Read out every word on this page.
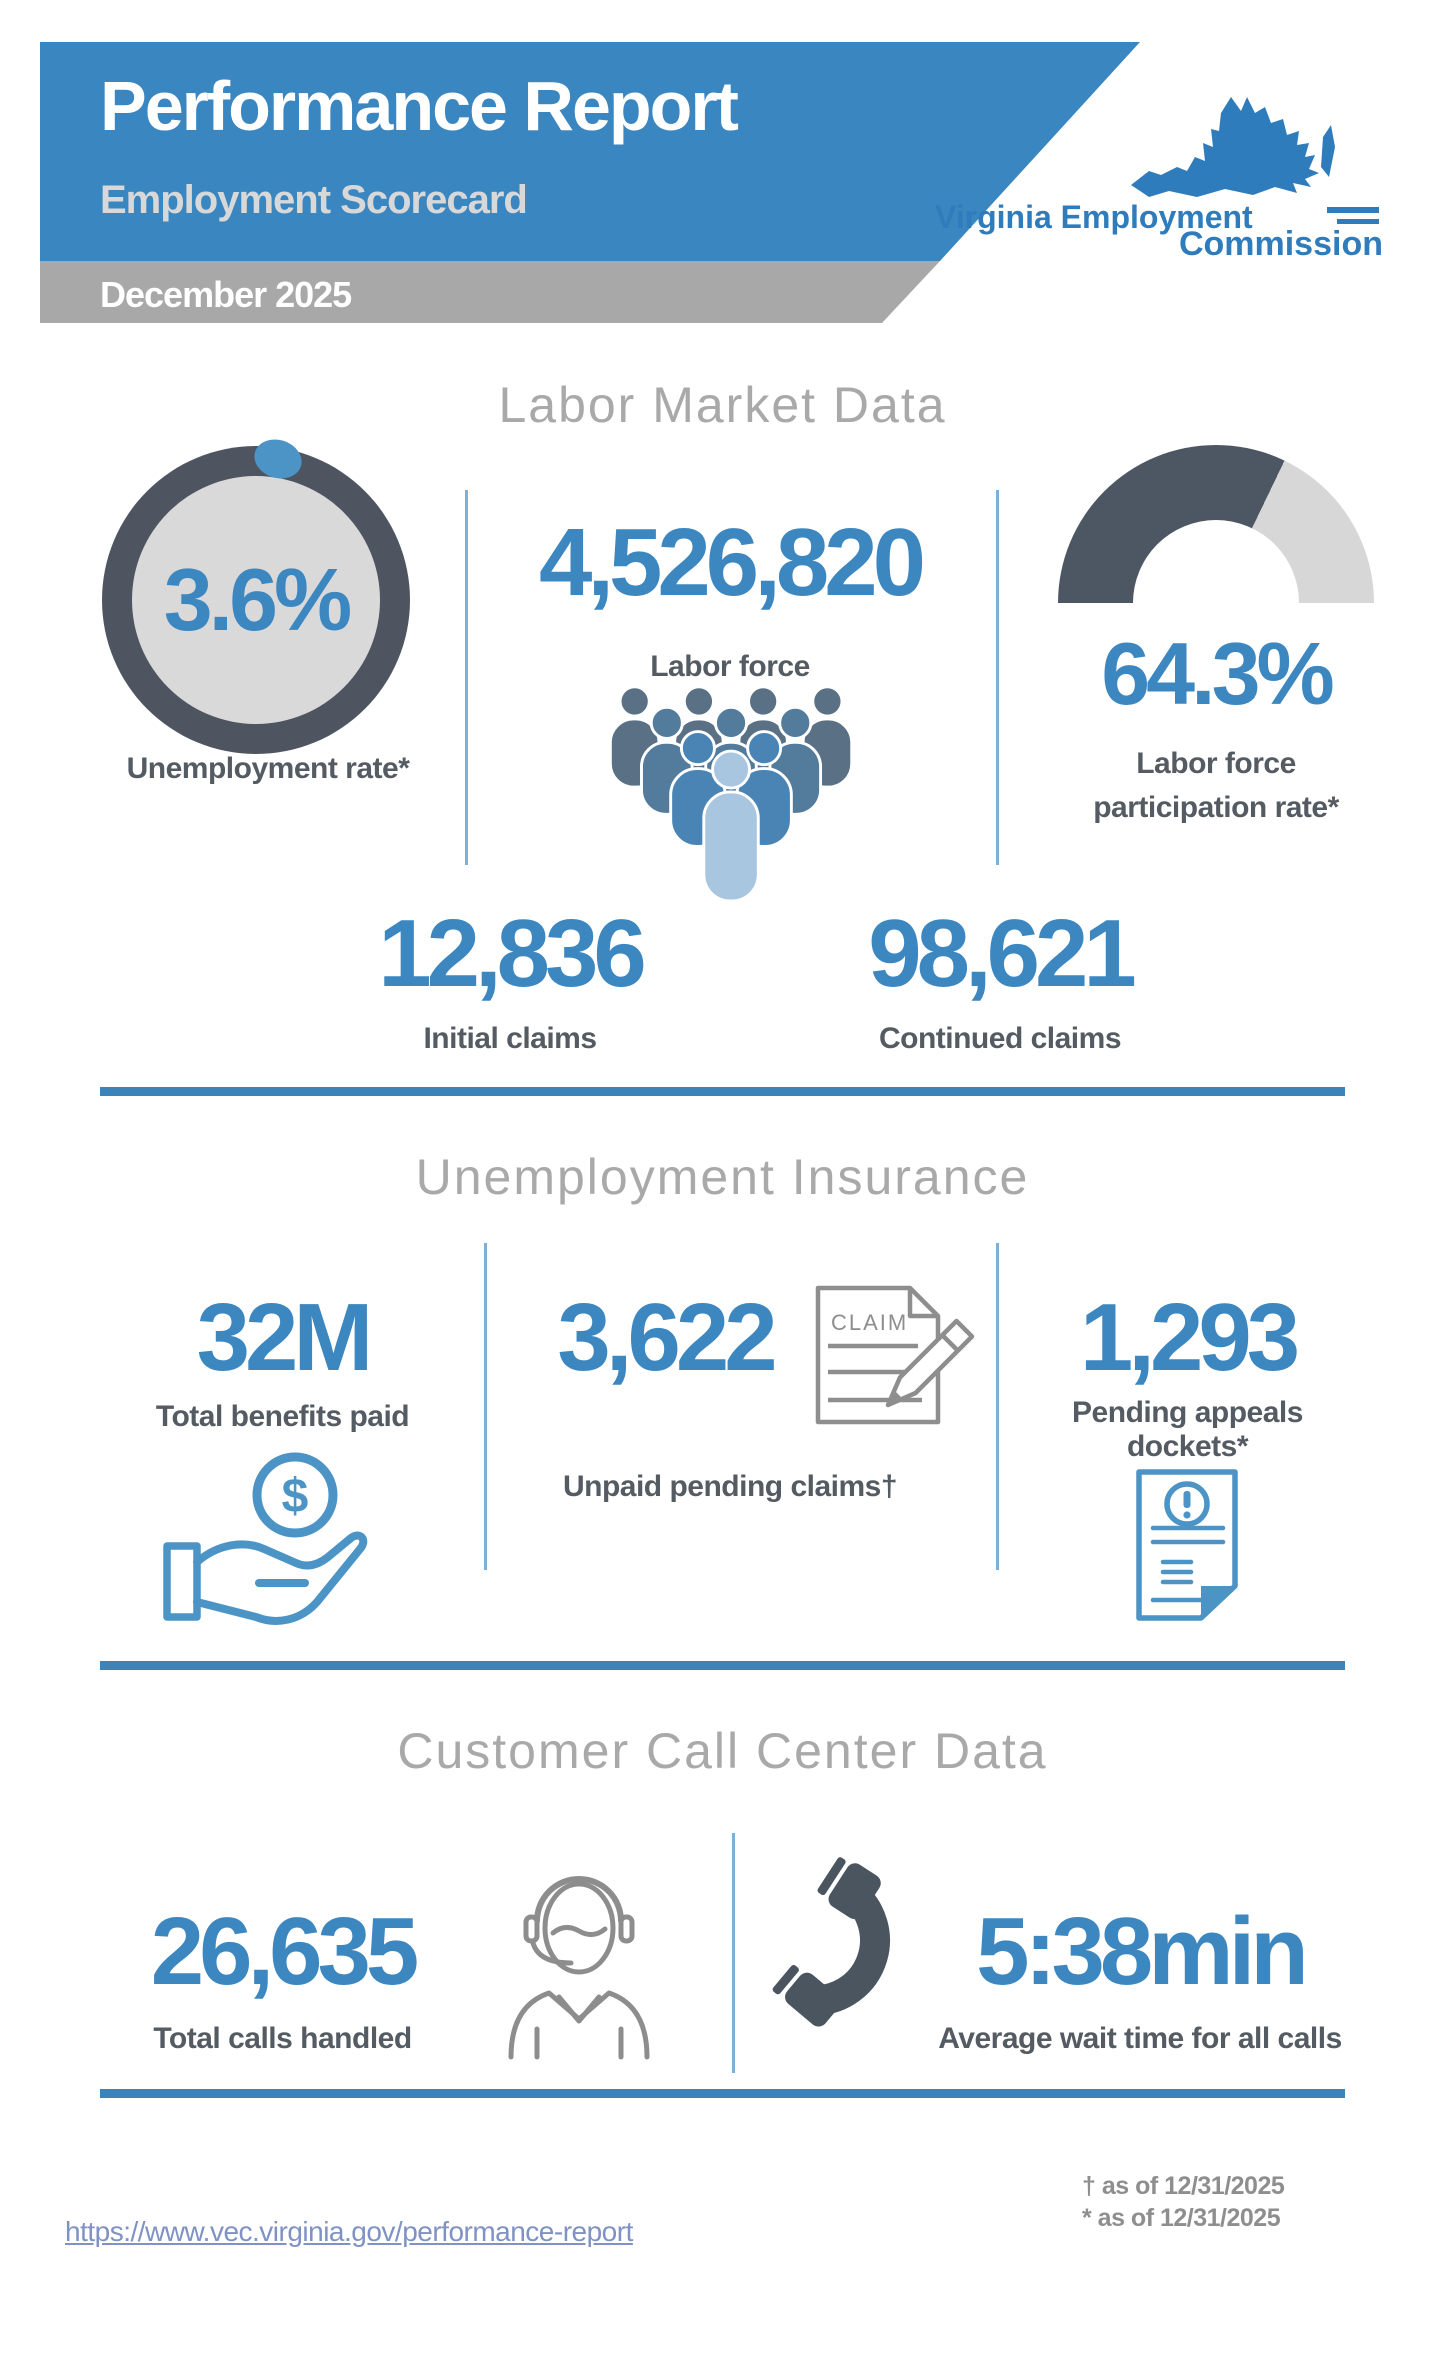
Performance Report
Employment Scorecard
December 2025
Virginia Employment
Commission
Labor Market Data
3.6%
Unemployment rate*
4,526,820
Labor force	64.3%
Labor force
participation rate*
12,836
Initial claims
98,621
Continued claims
Unemployment Insurance
32M
Total benefits paid
$
3,622
Unpaid pending claims†
CLAIM	1,293
Pending appeals
dockets*
Customer Call Center Data
26,635
Total calls handled
5:38min
Average wait time for all calls
https://www.vec.virginia.gov/performance-report
† as of 12/31/2025
* as of 12/31/2025
